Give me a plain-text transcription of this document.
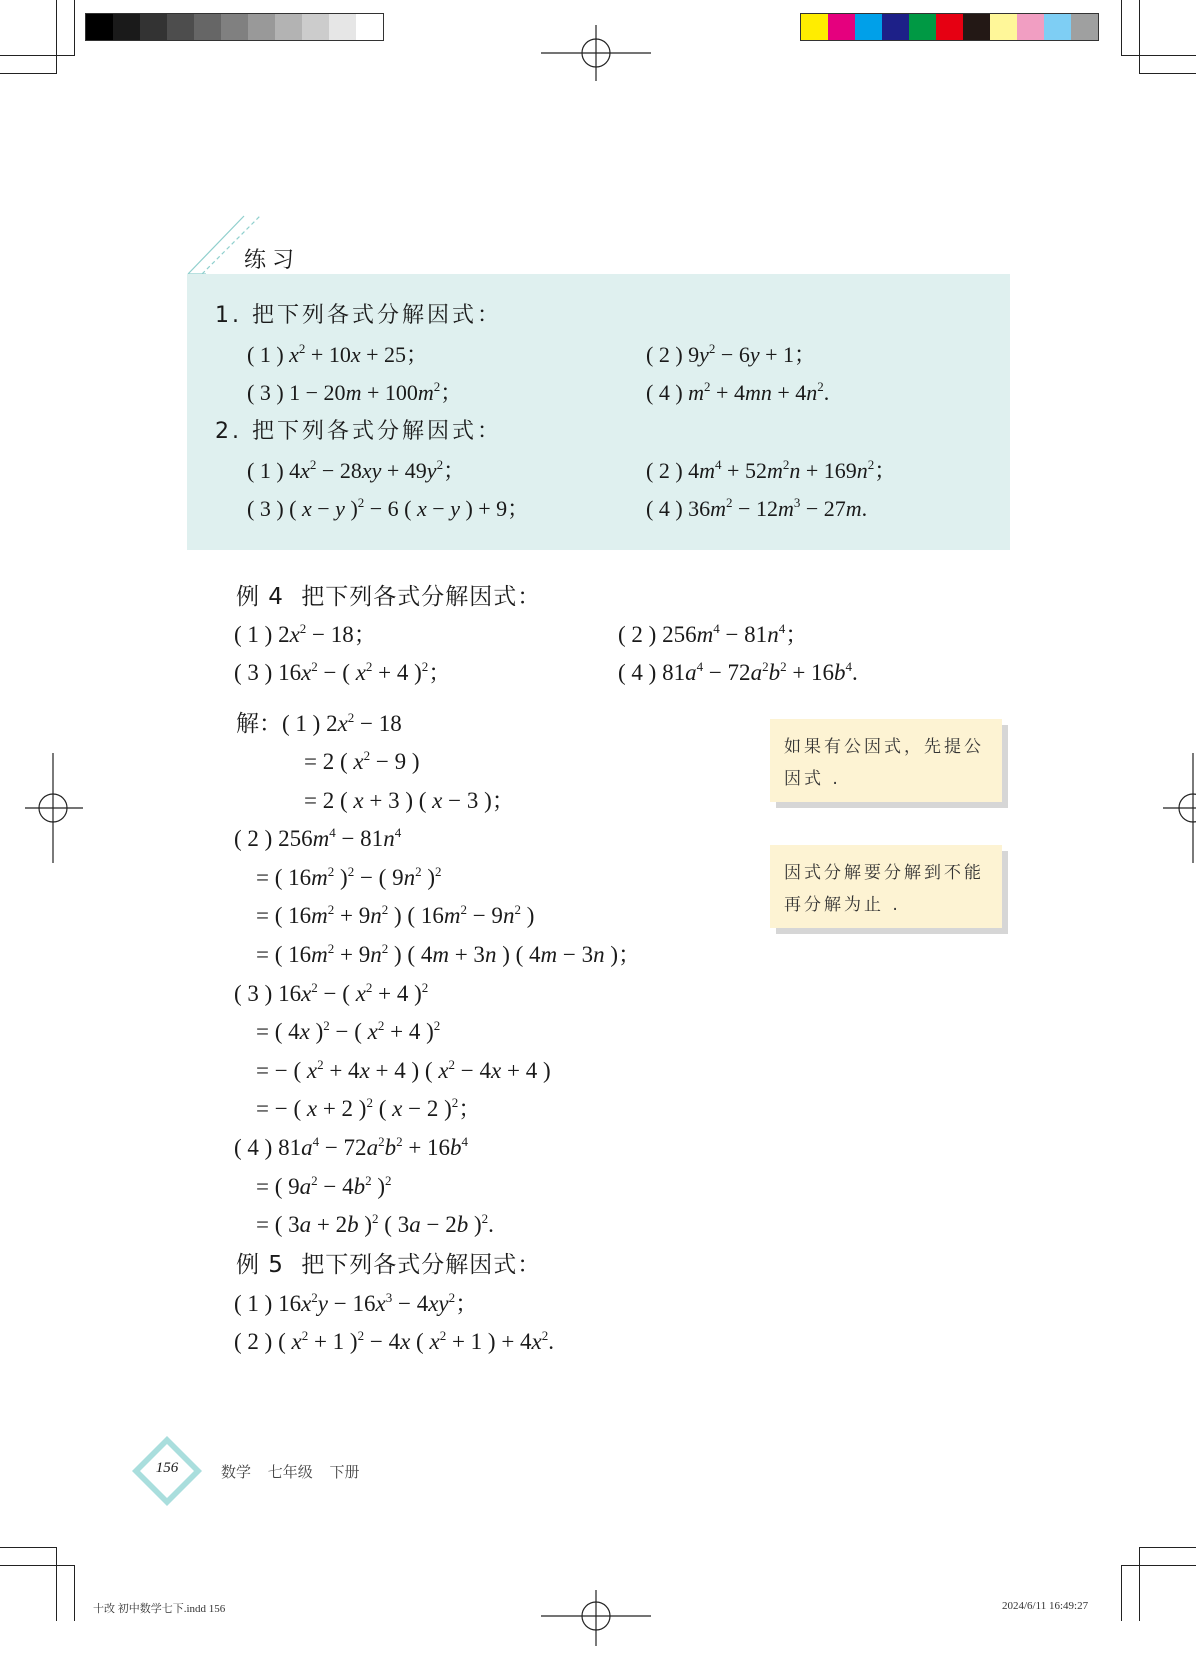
练习
1. 把下列各式分解因式：
( 1 ) $x^2 + 10x + 25$；	( 2 ) $9y^2 - 6y + 1$；
( 3 ) $1 - 20m + 100m^2$；	( 4 ) $m^2 + 4mn + 4n^2$.
2. 把下列各式分解因式：
( 1 ) $4x^2 - 28xy + 49y^2$；	( 2 ) $4m^4 + 52m^2n + 169n^2$；
( 3 ) ( x − y )$^2$ − 6 ( x − y ) + 9；	( 4 ) $36m^2 - 12m^3 - 27m$.
例 4 把下列各式分解因式：
( 1 ) $2x^2 - 18$；	( 2 ) $256m^4 - 81n^4$；
( 3 ) $16x^2$ − ( $x^2 + 4$ )$^2$；	( 4 ) $81a^4 - 72a^2b^2 + 16b^4$.
解：( 1 ) $2x^2 - 18$
= 2 ( $x^2 - 9$ )
= 2 ( x + 3 ) ( x − 3 )；
( 2 ) $256m^4 - 81n^4$
= ( $16m^2$ )$^2$ − ( $9n^2$ )$^2$
= ( $16m^2 + 9n^2$ ) ( $16m^2 - 9n^2$ )
= ( $16m^2 + 9n^2$ ) ( 4m + 3n ) ( 4m − 3n )；
( 3 ) $16x^2$ − ( $x^2 + 4$ )$^2$
= ( 4x )$^2$ − ( $x^2 + 4$ )$^2$
= − ( $x^2 + 4x + 4$ ) ( $x^2 - 4x + 4$ )
= − ( x + 2 )$^2$ ( x − 2 )$^2$；
( 4 ) $81a^4 - 72a^2b^2 + 16b^4$
= ( $9a^2 - 4b^2$ )$^2$
= ( 3a + 2b )$^2$ ( 3a − 2b )$^2$.
如果有公因式，先提公因式 .
因式分解要分解到不能再分解为止 .
例 5 把下列各式分解因式：
( 1 ) $16x^2y - 16x^3 - 4xy^2$；
( 2 ) ( $x^2 + 1$ )$^2$ − 4x ( $x^2 + 1$ ) + $4x^2$.
156	数学 七年级 下册
十改 初中数学七下.indd 156	2024/6/11 16:49:27
